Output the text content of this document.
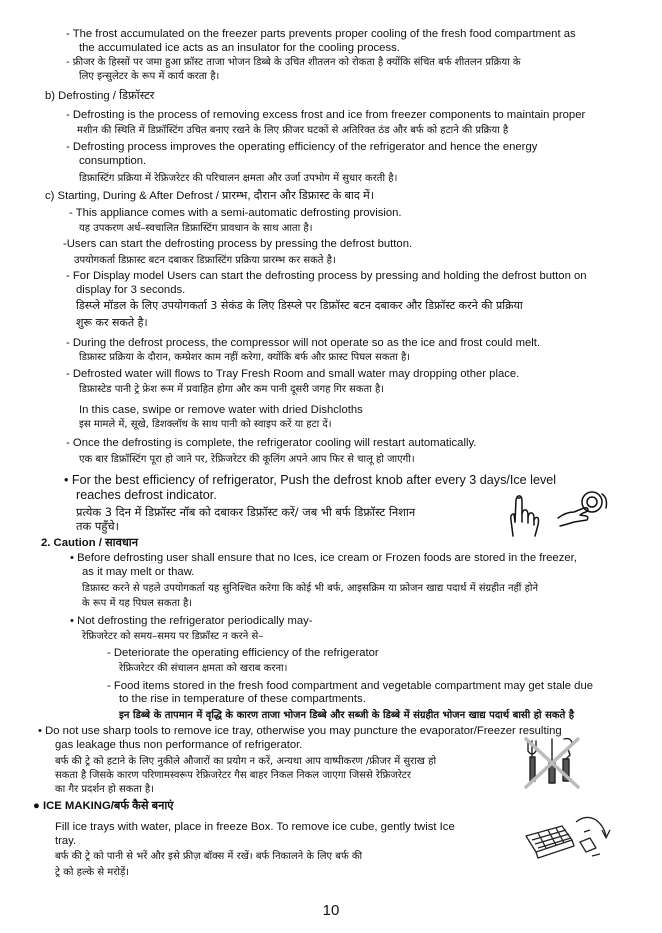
- The frost accumulated on the freezer parts prevents proper cooling of the fresh food compartment as
the accumulated ice acts as an insulator for the cooling process.
- फ्रीजर के हिस्सों पर जमा हुआ फ्रॉस्ट ताजा भोजन डिब्बे के उचित शीतलन को रोकता है क्योंकि संचित बर्फ शीतलन प्रक्रिया के
लिए इन्सुलेटर के रूप में कार्य करता है।
b) Defrosting / डिफ्रॉस्टर
- Defrosting is the process of removing excess frost and ice from freezer components to maintain proper
मशीन की स्थिति में डिफ्रॉस्टिंग उचित बनाए रखने के लिए फ्रीजर घटकों से अतिरिक्त ठंड और बर्फ को हटाने की प्रक्रिया है
- Defrosting process improves the operating efficiency of the refrigerator and hence the energy
consumption.
डिफ्रास्टिंग प्रक्रिया में रेफ्रिजरेटर की परिचालन क्षमता और उर्जा उपभोग में सुधार करती है।
c) Starting, During & After Defrost / प्रारम्भ, दौरान और डिफ्रास्ट के बाद में।
- This appliance comes with a semi-automatic defrosting provision.
यह उपकरण अर्ध–स्वचालित डिफ्रास्टिंग प्रावधान के साथ आता है।
-Users can start the defrosting process by pressing the defrost button.
उपयोगकर्ता डिफ्रास्ट बटन दबाकर डिफ्रास्टिंग प्रक्रिया प्रारम्भ कर सकते है।
- For Display model Users can start the defrosting process by pressing and holding the defrost button on
display for 3 seconds.
डिस्प्ले मॉडल के लिए उपयोगकर्ता 3 सेकंड के लिए डिस्प्ले पर डिफ्रॉस्ट बटन दबाकर और डिफ्रॉस्ट करने की प्रक्रिया
शुरू कर सकते है।
- During the defrost process, the compressor will not operate so as the ice and frost could melt.
डिफ्रास्ट प्रक्रिया के दौरान, कम्प्रेशर काम नहीं करेगा, क्योंकि बर्फ और फ्रास्ट पिघल सकता है।
- Defrosted water will flows to Tray Fresh Room and small water may dropping other place.
डिफ्रास्टेड पानी ट्रे फ्रेश रूम में प्रवाहित होगा और कम पानी दूसरी जगह गिर सकता है।
In this case, swipe or remove water with dried Dishcloths
इस मामले में, सूखे, डिशक्लॉथ के साथ पानी को स्वाइप करें या हटा दें।
- Once the defrosting is complete, the refrigerator cooling will restart automatically.
एक बार डिफ्रॉस्टिंग पूरा हो जाने पर, रेफ्रिजरेटर की कूलिंग अपने आप फिर से चालू हो जाएगी।
• For the best efficiency of refrigerator, Push the defrost knob after every 3 days/Ice level
reaches defrost indicator.
प्रत्येक 3 दिन में डिफ्रॉस्ट नॉब को दबाकर डिफ्रॉस्ट करें/ जब भी बर्फ डिफ्रॉस्ट निशान
तक पहुँचे।
2. Caution / सावधान
• Before defrosting user shall ensure that no Ices, ice cream or Frozen foods are stored in the freezer,
as it may melt or thaw.
डिफ्रास्ट करने से पहले उपयोगकर्ता यह सुनिश्चित करेगा कि कोई भी बर्फ, आइसक्रिम या फ्रोजन खाद्य पदार्थ में संग्रहीत नहीं होने
के रूप में यह पिघल सकता है।
• Not defrosting the refrigerator periodically may-
रेफ्रिजरेटर को समय–समय पर डिफ्रॉस्ट न करने से–
- Deteriorate the operating efficiency of the refrigerator
रेफ्रिजरेटर की संचालन क्षमता को खराब करना।
- Food items stored in the fresh food compartment and vegetable compartment may get stale due
to the rise in temperature of these compartments.
इन डिब्बे के तापमान में वृद्धि के कारण ताजा भोजन डिब्बे और सब्जी के डिब्बे में संग्रहीत भोजन खाद्य पदार्थ बासी हो सकते है
• Do not use sharp tools to remove ice tray, otherwise you may puncture the evaporator/Freezer resulting
gas leakage thus non performance of refrigerator.
बर्फ की ट्रे को हटाने के लिए नुकीले औजारों का प्रयोग न करें, अन्यथा आप वाष्पीकरण /फ्रीजर में सुराख हो
सकता है जिसके कारण परिणामस्वरूप रेफ्रिजरेटर गैस बाहर निकल निकल जाएगा जिससे रेफ्रिजरेटर
का गैर प्रदर्शन हो सकता है।
● ICE MAKING/बर्फ कैसे बनाएं
Fill ice trays with water, place in freeze Box. To remove ice cube, gently twist Ice
tray.
बर्फ की ट्रे को पानी से भरें और इसे फ्रीज़ बॉक्स में रखें। बर्फ निकालने के लिए बर्फ की
ट्रे को हल्के से मरोड़ें।
10
